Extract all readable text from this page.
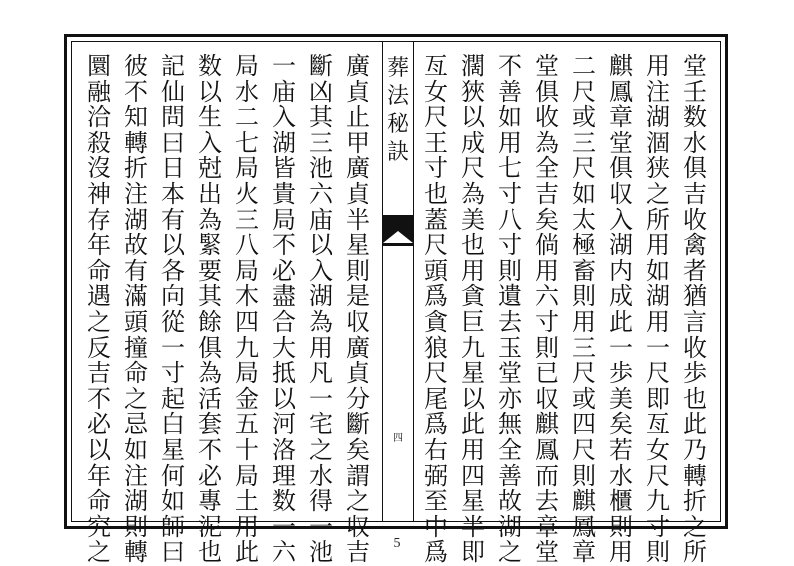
堂
壬
数
水
俱
吉
收
禽
者
猶
言
收
歩
也
此
乃
轉
折
之
所
用
注
湖
涸
狭
之
所
用
如
湖
用
一
尺
即
亙
女
尺
九
寸
則
麒
鳳
章
堂
俱
収
入
湖
内
成
此
一
歩
美
矣
若
水
櫃
則
用
二
尺
或
三
尺
如
太
極
畜
則
用
三
尺
或
四
尺
則
麒
鳳
章
堂
俱
收
為
全
吉
矣
倘
用
六
寸
則
已
収
麒
鳳
而
去
章
堂
不
善
如
用
七
寸
八
寸
則
遺
去
玉
堂
亦
無
全
善
故
湖
之
濶
狹
以
成
尺
為
美
也
用
貪
巨
九
星
以
此
用
四
星
半
即
亙
女
尺
王
寸
也
蓋
尺
頭
爲
貪
狼
尺
尾
爲
右
弼
至
中
爲
葬
法
秘
訣
四
廣
貞
止
甲
廣
貞
半
星
則
是
収
廣
貞
分
斷
矣
謂
之
収
吉
斷
凶
其
三
池
六
庙
以
入
湖
為
用
凡
一
宅
之
水
得
一
池
一
庙
入
湖
皆
貴
局
不
必
盡
合
大
抵
以
河
洛
理
数
一
六
局
水
二
七
局
火
三
八
局
木
四
九
局
金
五
十
局
土
用
此
数
以
生
入
尅
出
為
緊
要
其
餘
俱
為
活
套
不
必
專
泥
也
記
仙
問
曰
日
本
有
以
各
向
從
一
寸
起
白
星
何
如
師
曰
彼
不
知
轉
折
注
湖
故
有
滿
頭
撞
命
之
忌
如
注
湖
則
轉
圜
融
洽
殺
沒
神
存
年
命
遇
之
反
吉
不
必
以
年
命
究
之	5
